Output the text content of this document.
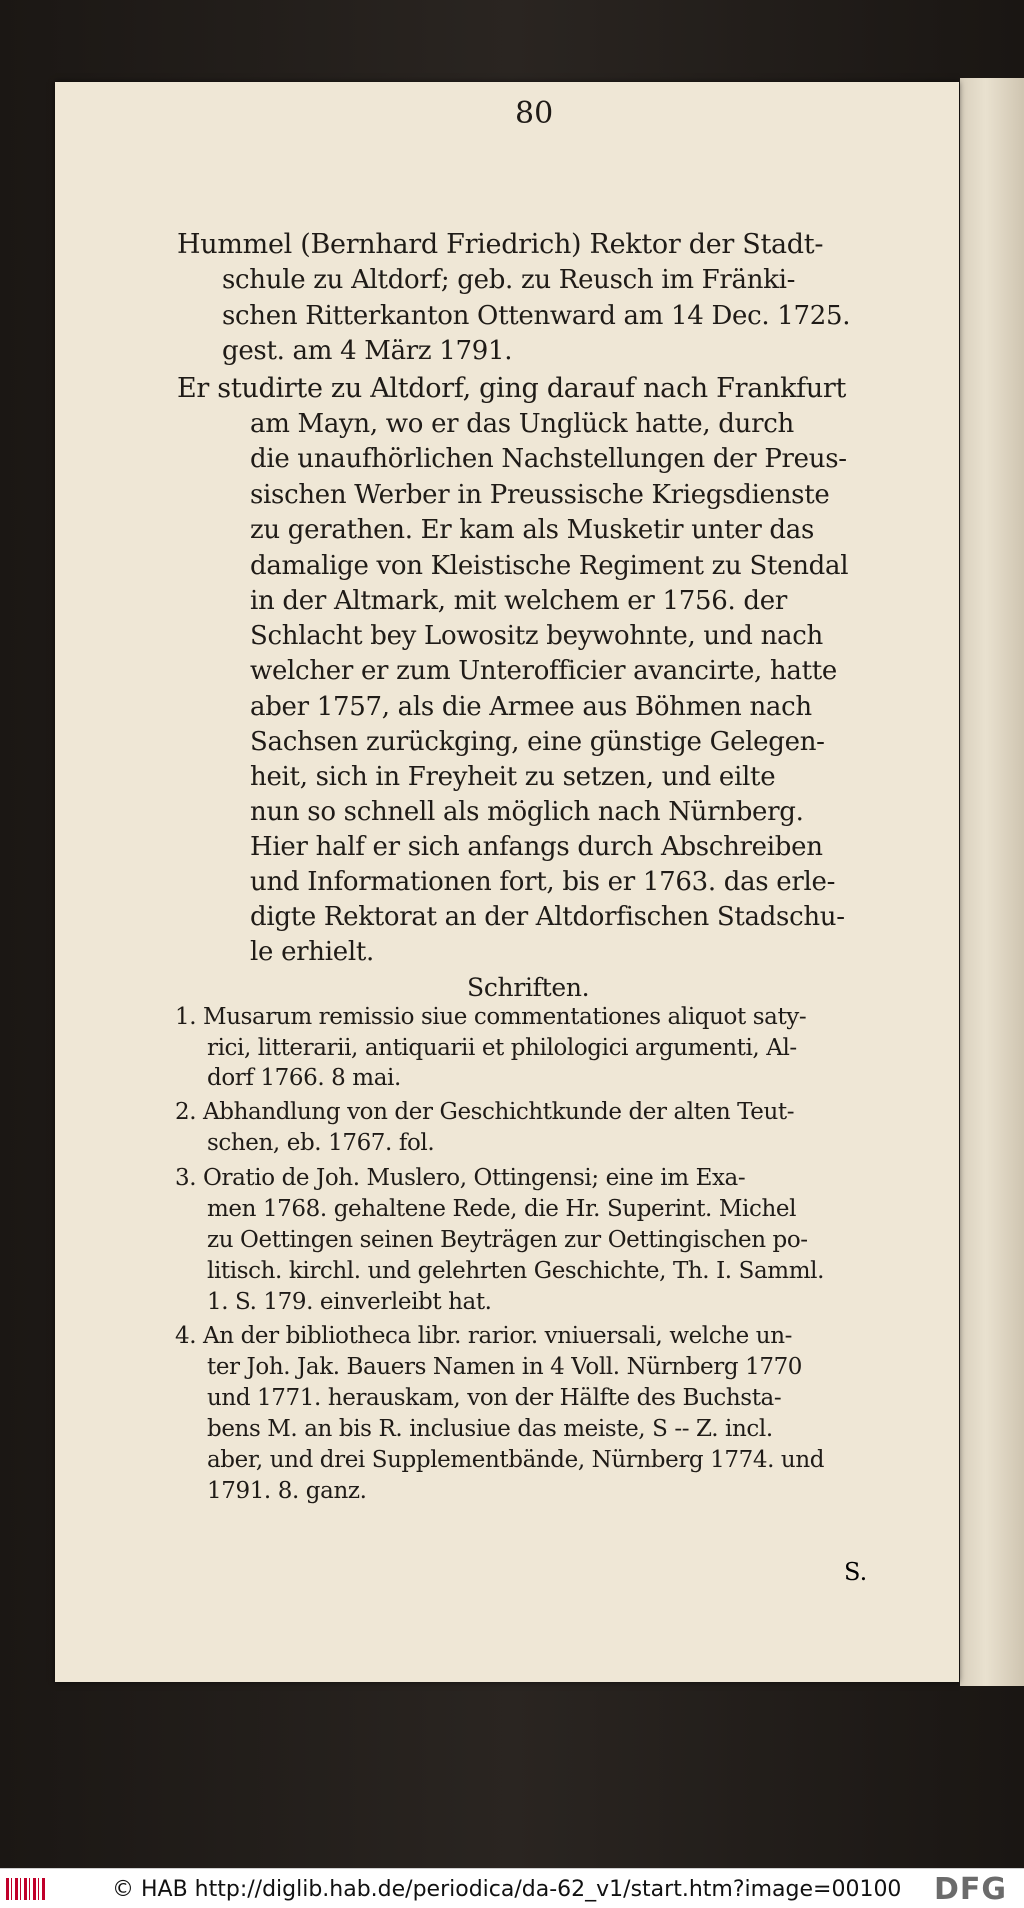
80
Hummel (Bernhard Friedrich) Rektor der Stadt-
schule zu Altdorf; geb. zu Reusch im Fränki-
schen Ritterkanton Ottenward am 14 Dec. 1725.
gest. am 4 März 1791.
Er studirte zu Altdorf, ging darauf nach Frankfurt
am Mayn, wo er das Unglück hatte, durch
die unaufhörlichen Nachstellungen der Preus-
sischen Werber in Preussische Kriegsdienste
zu gerathen. Er kam als Musketir unter das
damalige von Kleistische Regiment zu Stendal
in der Altmark, mit welchem er 1756. der
Schlacht bey Lowositz beywohnte, und nach
welcher er zum Unterofficier avancirte, hatte
aber 1757, als die Armee aus Böhmen nach
Sachsen zurückging, eine günstige Gelegen-
heit, sich in Freyheit zu setzen, und eilte
nun so schnell als möglich nach Nürnberg.
Hier half er sich anfangs durch Abschreiben
und Informationen fort, bis er 1763. das erle-
digte Rektorat an der Altdorfischen Stadschu-
le erhielt.
Schriften.
1. Musarum remissio siue commentationes aliquot saty-
rici, litterarii, antiquarii et philologici argumenti, Al-
dorf 1766. 8 mai.
2. Abhandlung von der Geschichtkunde der alten Teut-
schen, eb. 1767. fol.
3. Oratio de Joh. Muslero, Ottingensi; eine im Exa-
men 1768. gehaltene Rede, die Hr. Superint. Michel
zu Oettingen seinen Beyträgen zur Oettingischen po-
litisch. kirchl. und gelehrten Geschichte, Th. I. Samml.
1. S. 179. einverleibt hat.
4. An der bibliotheca libr. rarior. vniuersali, welche un-
ter Joh. Jak. Bauers Namen in 4 Voll. Nürnberg 1770
und 1771. herauskam, von der Hälfte des Buchsta-
bens M. an bis R. inclusiue das meiste, S -- Z. incl.
aber, und drei Supplementbände, Nürnberg 1774. und
1791. 8. ganz.
S.
© HAB http://diglib.hab.de/periodica/da-62_v1/start.htm?image=00100 DFG
